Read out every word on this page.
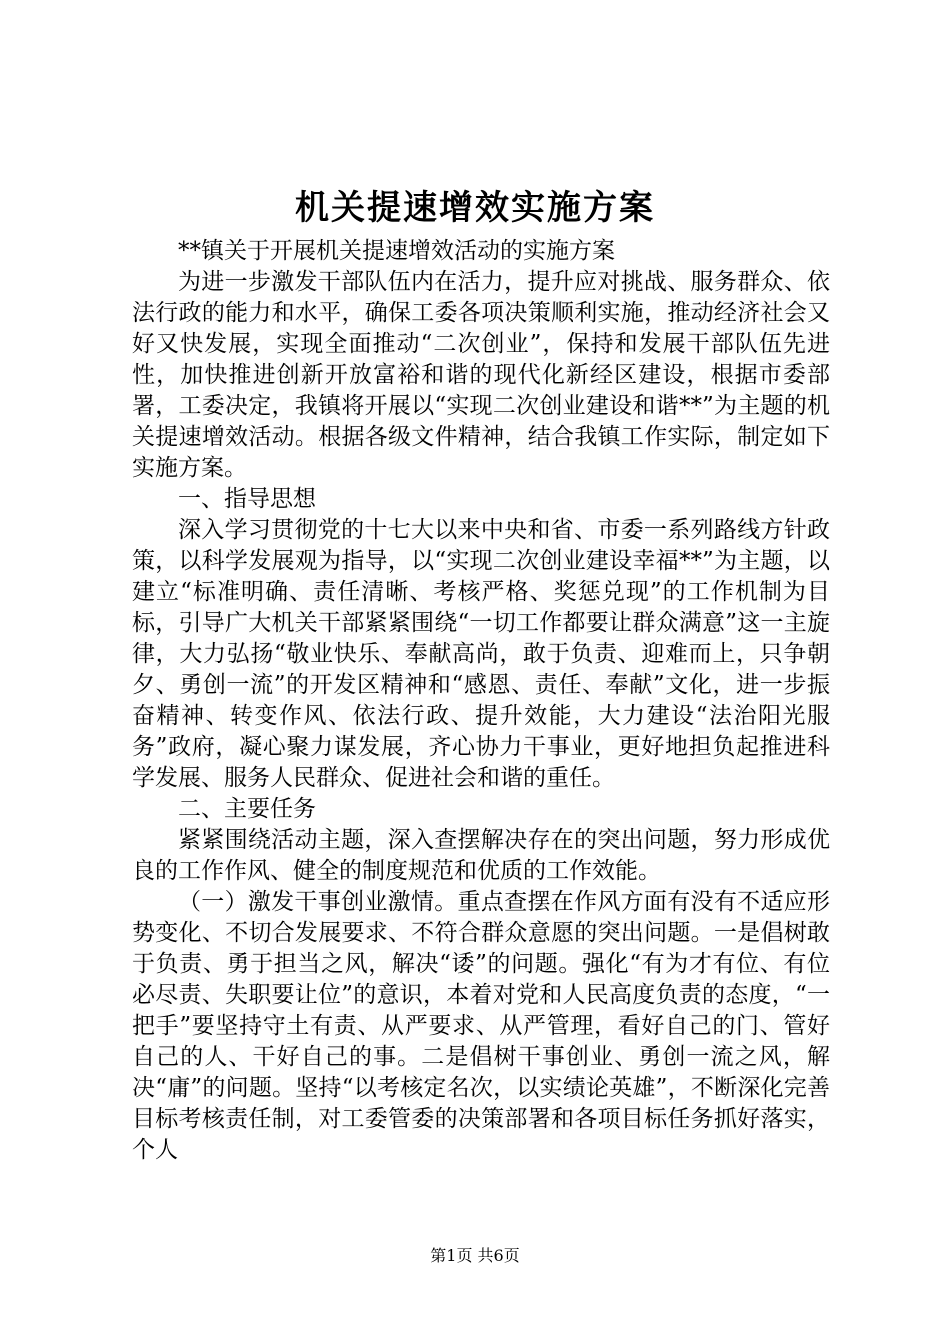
机关提速增效实施方案

**镇关于开展机关提速增效活动的实施方案

为进一步激发干部队伍内在活力，提升应对挑战、服务群众、依法行政的能力和水平，确保工委各项决策顺利实施，推动经济社会又好又快发展，实现全面推动“二次创业”，保持和发展干部队伍先进性，加快推进创新开放富裕和谐的现代化新经区建设，根据市委部署，工委决定，我镇将开展以“实现二次创业建设和谐**”为主题的机关提速增效活动。根据各级文件精神，结合我镇工作实际，制定如下实施方案。

一、指导思想

深入学习贯彻党的十七大以来中央和省、市委一系列路线方针政策，以科学发展观为指导，以“实现二次创业建设幸福**”为主题，以建立“标准明确、责任清晰、考核严格、奖惩兑现”的工作机制为目标，引导广大机关干部紧紧围绕“一切工作都要让群众满意”这一主旋律，大力弘扬“敬业快乐、奉献高尚，敢于负责、迎难而上，只争朝夕、勇创一流”的开发区精神和“感恩、责任、奉献”文化，进一步振奋精神、转变作风、依法行政、提升效能，大力建设“法治阳光服务”政府，凝心聚力谋发展，齐心协力干事业，更好地担负起推进科学发展、服务人民群众、促进社会和谐的重任。

二、主要任务

紧紧围绕活动主题，深入查摆解决存在的突出问题，努力形成优良的工作作风、健全的制度规范和优质的工作效能。

（一）激发干事创业激情。重点查摆在作风方面有没有不适应形势变化、不切合发展要求、不符合群众意愿的突出问题。一是倡树敢于负责、勇于担当之风，解决“诿”的问题。强化“有为才有位、有位必尽责、失职要让位”的意识，本着对党和人民高度负责的态度，“一把手”要坚持守土有责、从严要求、从严管理，看好自己的门、管好自己的人、干好自己的事。二是倡树干事创业、勇创一流之风，解决“庸”的问题。坚持“以考核定名次，以实绩论英雄”，不断深化完善目标考核责任制，对工委管委的决策部署和各项目标任务抓好落实，个人

第1页 共6页
